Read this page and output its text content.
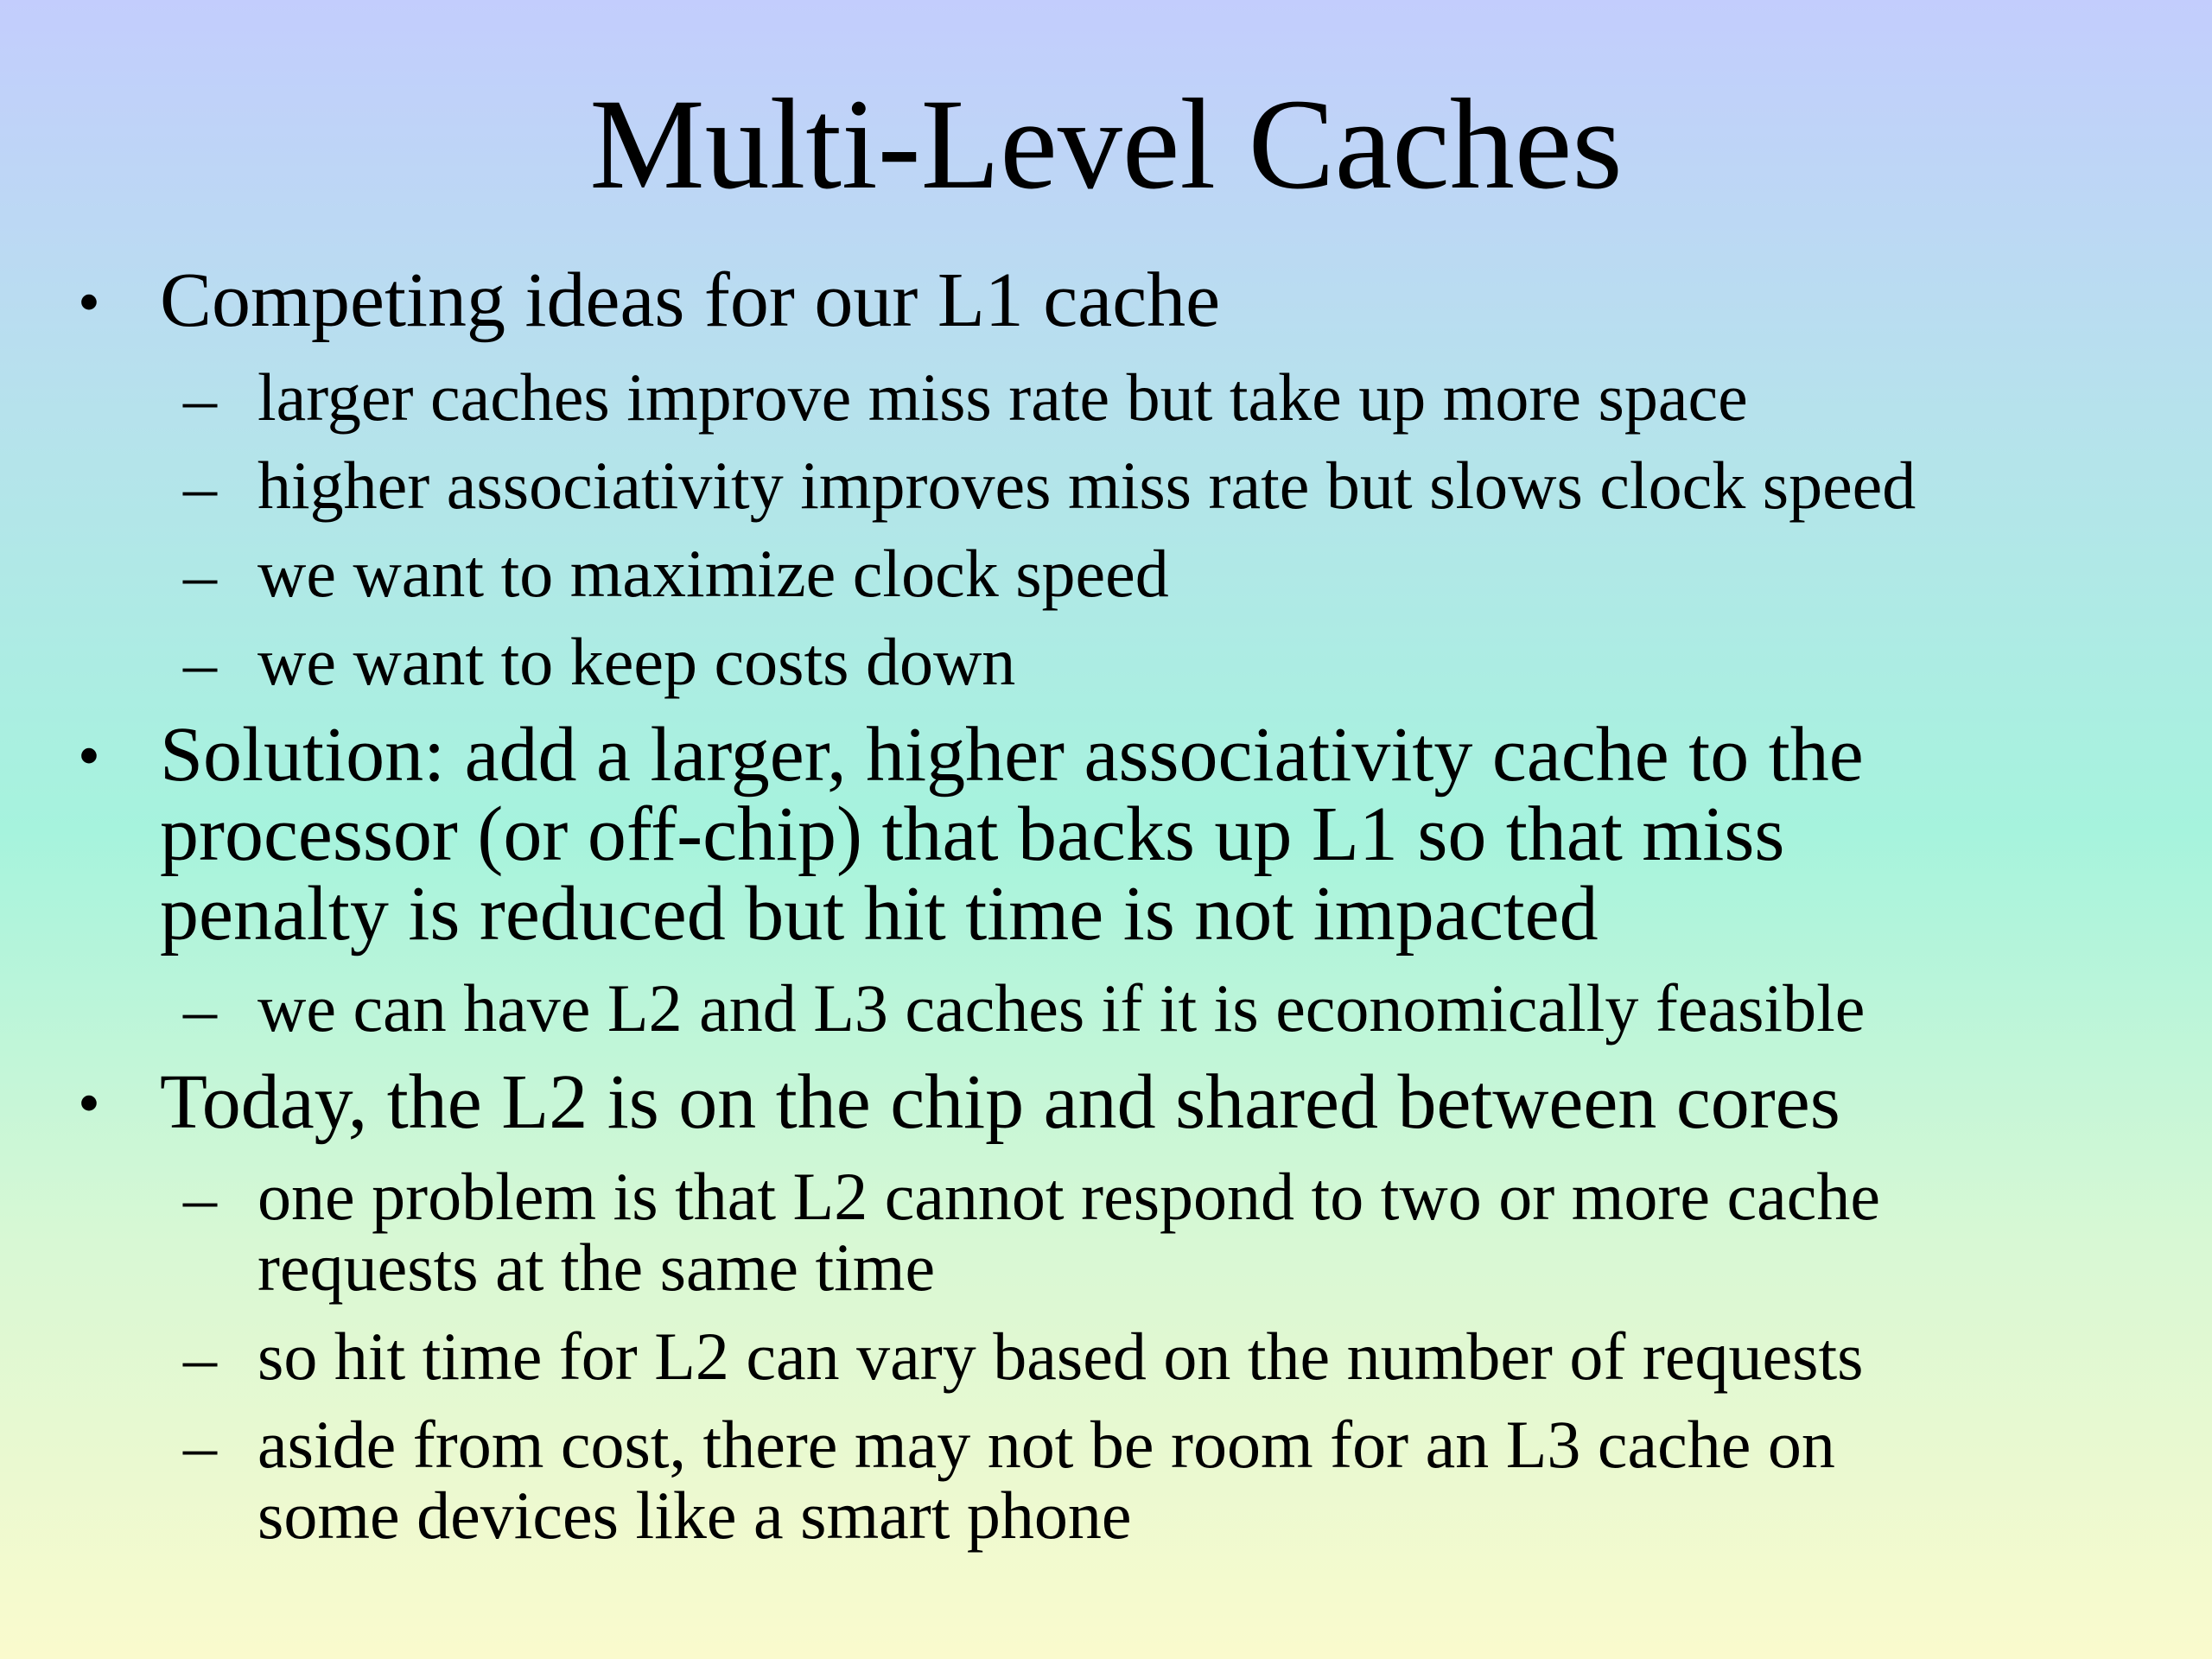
Multi-Level Caches
• Competing ideas for our L1 cache

– larger caches improve miss rate but take up more space

– higher associativity improves miss rate but slows clock speed

– we want to maximize clock speed

– we want to keep costs down

• Solution: add a larger, higher associativity cache to the

processor (or off-chip) that backs up L1 so that miss

penalty is reduced but hit time is not impacted

– we can have L2 and L3 caches if it is economically feasible

• Today, the L2 is on the chip and shared between cores

– one problem is that L2 cannot respond to two or more cache

requests at the same time

– so hit time for L2 can vary based on the number of requests

– aside from cost, there may not be room for an L3 cache on

some devices like a smart phone
